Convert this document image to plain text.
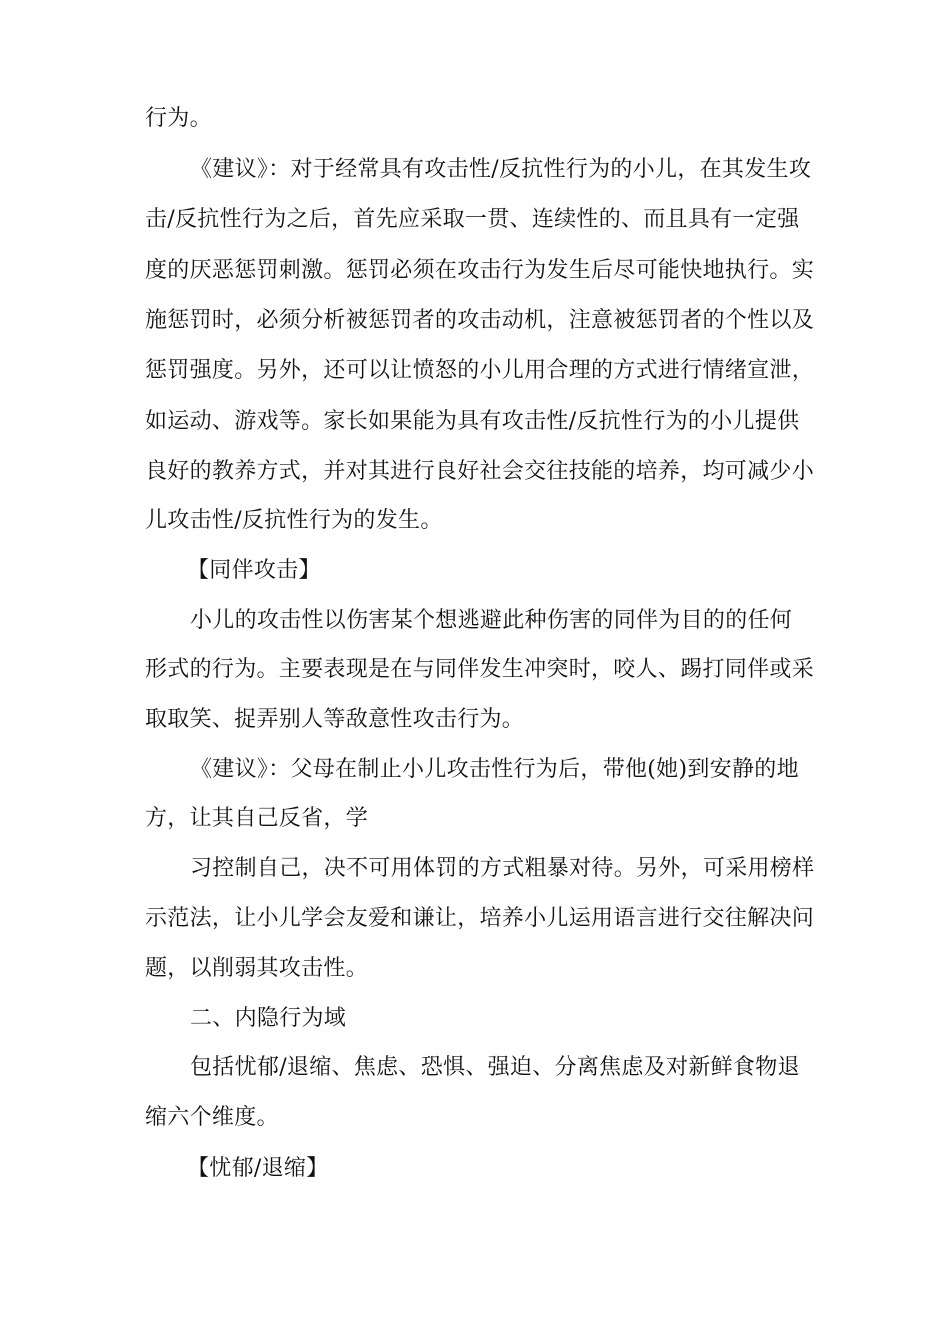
行为。
《建议》：对于经常具有攻击性/反抗性行为的小儿，在其发生攻
击/反抗性行为之后，首先应采取一贯、连续性的、而且具有一定强
度的厌恶惩罚刺激。惩罚必须在攻击行为发生后尽可能快地执行。实
施惩罚时，必须分析被惩罚者的攻击动机，注意被惩罚者的个性以及
惩罚强度。另外，还可以让愤怒的小儿用合理的方式进行情绪宣泄，
如运动、游戏等。家长如果能为具有攻击性/反抗性行为的小儿提供
良好的教养方式，并对其进行良好社会交往技能的培养，均可减少小
儿攻击性/反抗性行为的发生。
【同伴攻击】
小儿的攻击性以伤害某个想逃避此种伤害的同伴为目的的任何
形式的行为。主要表现是在与同伴发生冲突时，咬人、踢打同伴或采
取取笑、捉弄别人等敌意性攻击行为。
《建议》：父母在制止小儿攻击性行为后，带他(她)到安静的地
方，让其自己反省，学
习控制自己，决不可用体罚的方式粗暴对待。另外，可采用榜样
示范法，让小儿学会友爱和谦让，培养小儿运用语言进行交往解决问
题，以削弱其攻击性。
二、内隐行为域
包括忧郁/退缩、焦虑、恐惧、强迫、分离焦虑及对新鲜食物退
缩六个维度。
【忧郁/退缩】
